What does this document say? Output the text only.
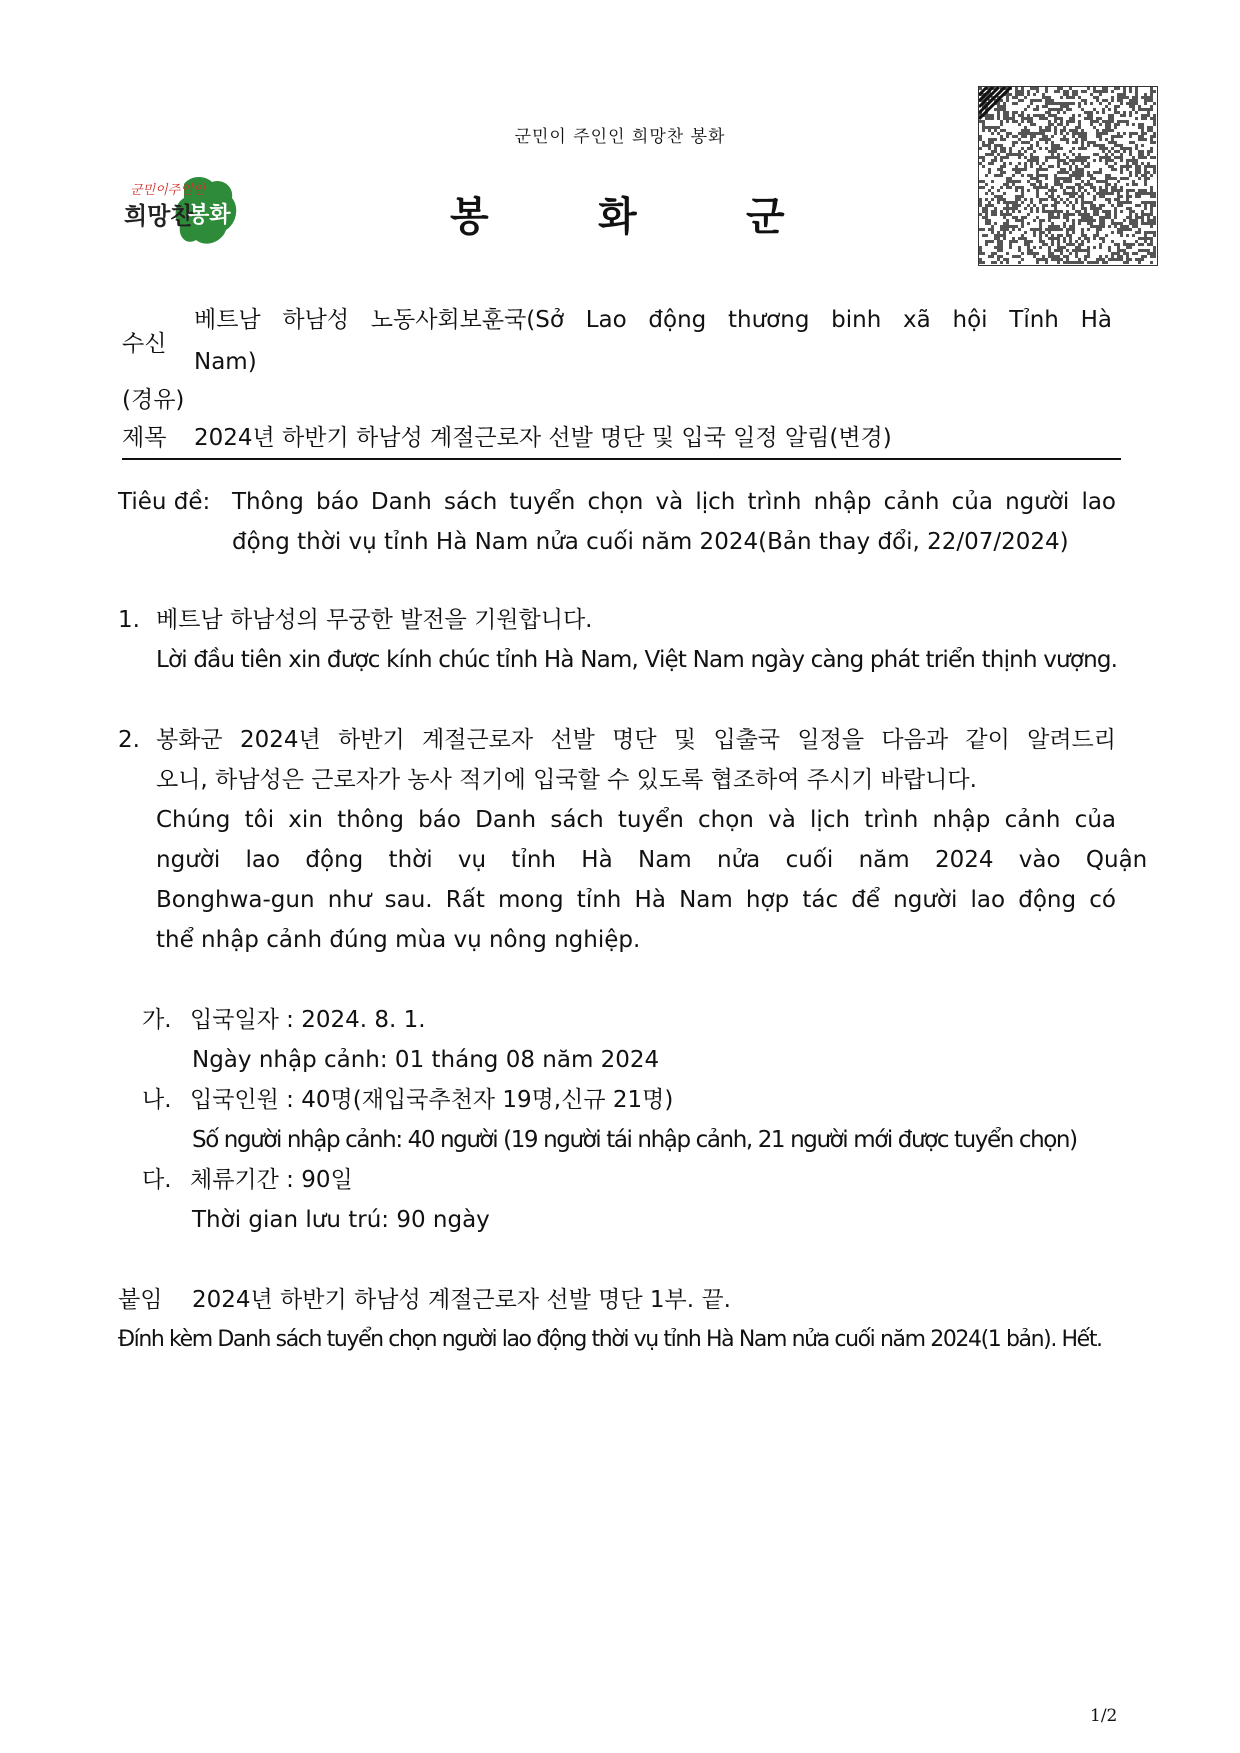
군민이 주인인 희망찬 봉화
군민이주인인
희망찬
봉화	봉	화	군
수신
베트남 하남성 노동사회보훈국(Sở Lao động thương binh xã hội Tỉnh Hà
Nam)
(경유)
제목 2024년 하반기 하남성 계절근로자 선발 명단 및 입국 일정 알림(변경)
Tiêu đề: Thông báo Danh sách tuyển chọn và lịch trình nhập cảnh của người lao
động thời vụ tỉnh Hà Nam nửa cuối năm 2024(Bản thay đổi, 22/07/2024)
1. 베트남 하남성의 무궁한 발전을 기원합니다.
Lời đầu tiên xin được kính chúc tỉnh Hà Nam, Việt Nam ngày càng phát triển thịnh vượng.
2. 봉화군 2024년 하반기 계절근로자 선발 명단 및 입출국 일정을 다음과 같이 알려드리
오니, 하남성은 근로자가 농사 적기에 입국할 수 있도록 협조하여 주시기 바랍니다.
Chúng tôi xin thông báo Danh sách tuyển chọn và lịch trình nhập cảnh của
người lao động thời vụ tỉnh Hà Nam nửa cuối năm 2024 vào Quận
Bonghwa-gun như sau. Rất mong tỉnh Hà Nam hợp tác để người lao động có
thể nhập cảnh đúng mùa vụ nông nghiệp.
가. 입국일자 : 2024. 8. 1.
Ngày nhập cảnh: 01 tháng 08 năm 2024
나. 입국인원 : 40명(재입국추천자 19명,신규 21명)
Số người nhập cảnh: 40 người (19 người tái nhập cảnh, 21 người mới được tuyển chọn)
다. 체류기간 : 90일
Thời gian lưu trú: 90 ngày
붙임 2024년 하반기 하남성 계절근로자 선발 명단 1부. 끝.
Đính kèm Danh sách tuyển chọn người lao động thời vụ tỉnh Hà Nam nửa cuối năm 2024(1 bản). Hết.
1/2
